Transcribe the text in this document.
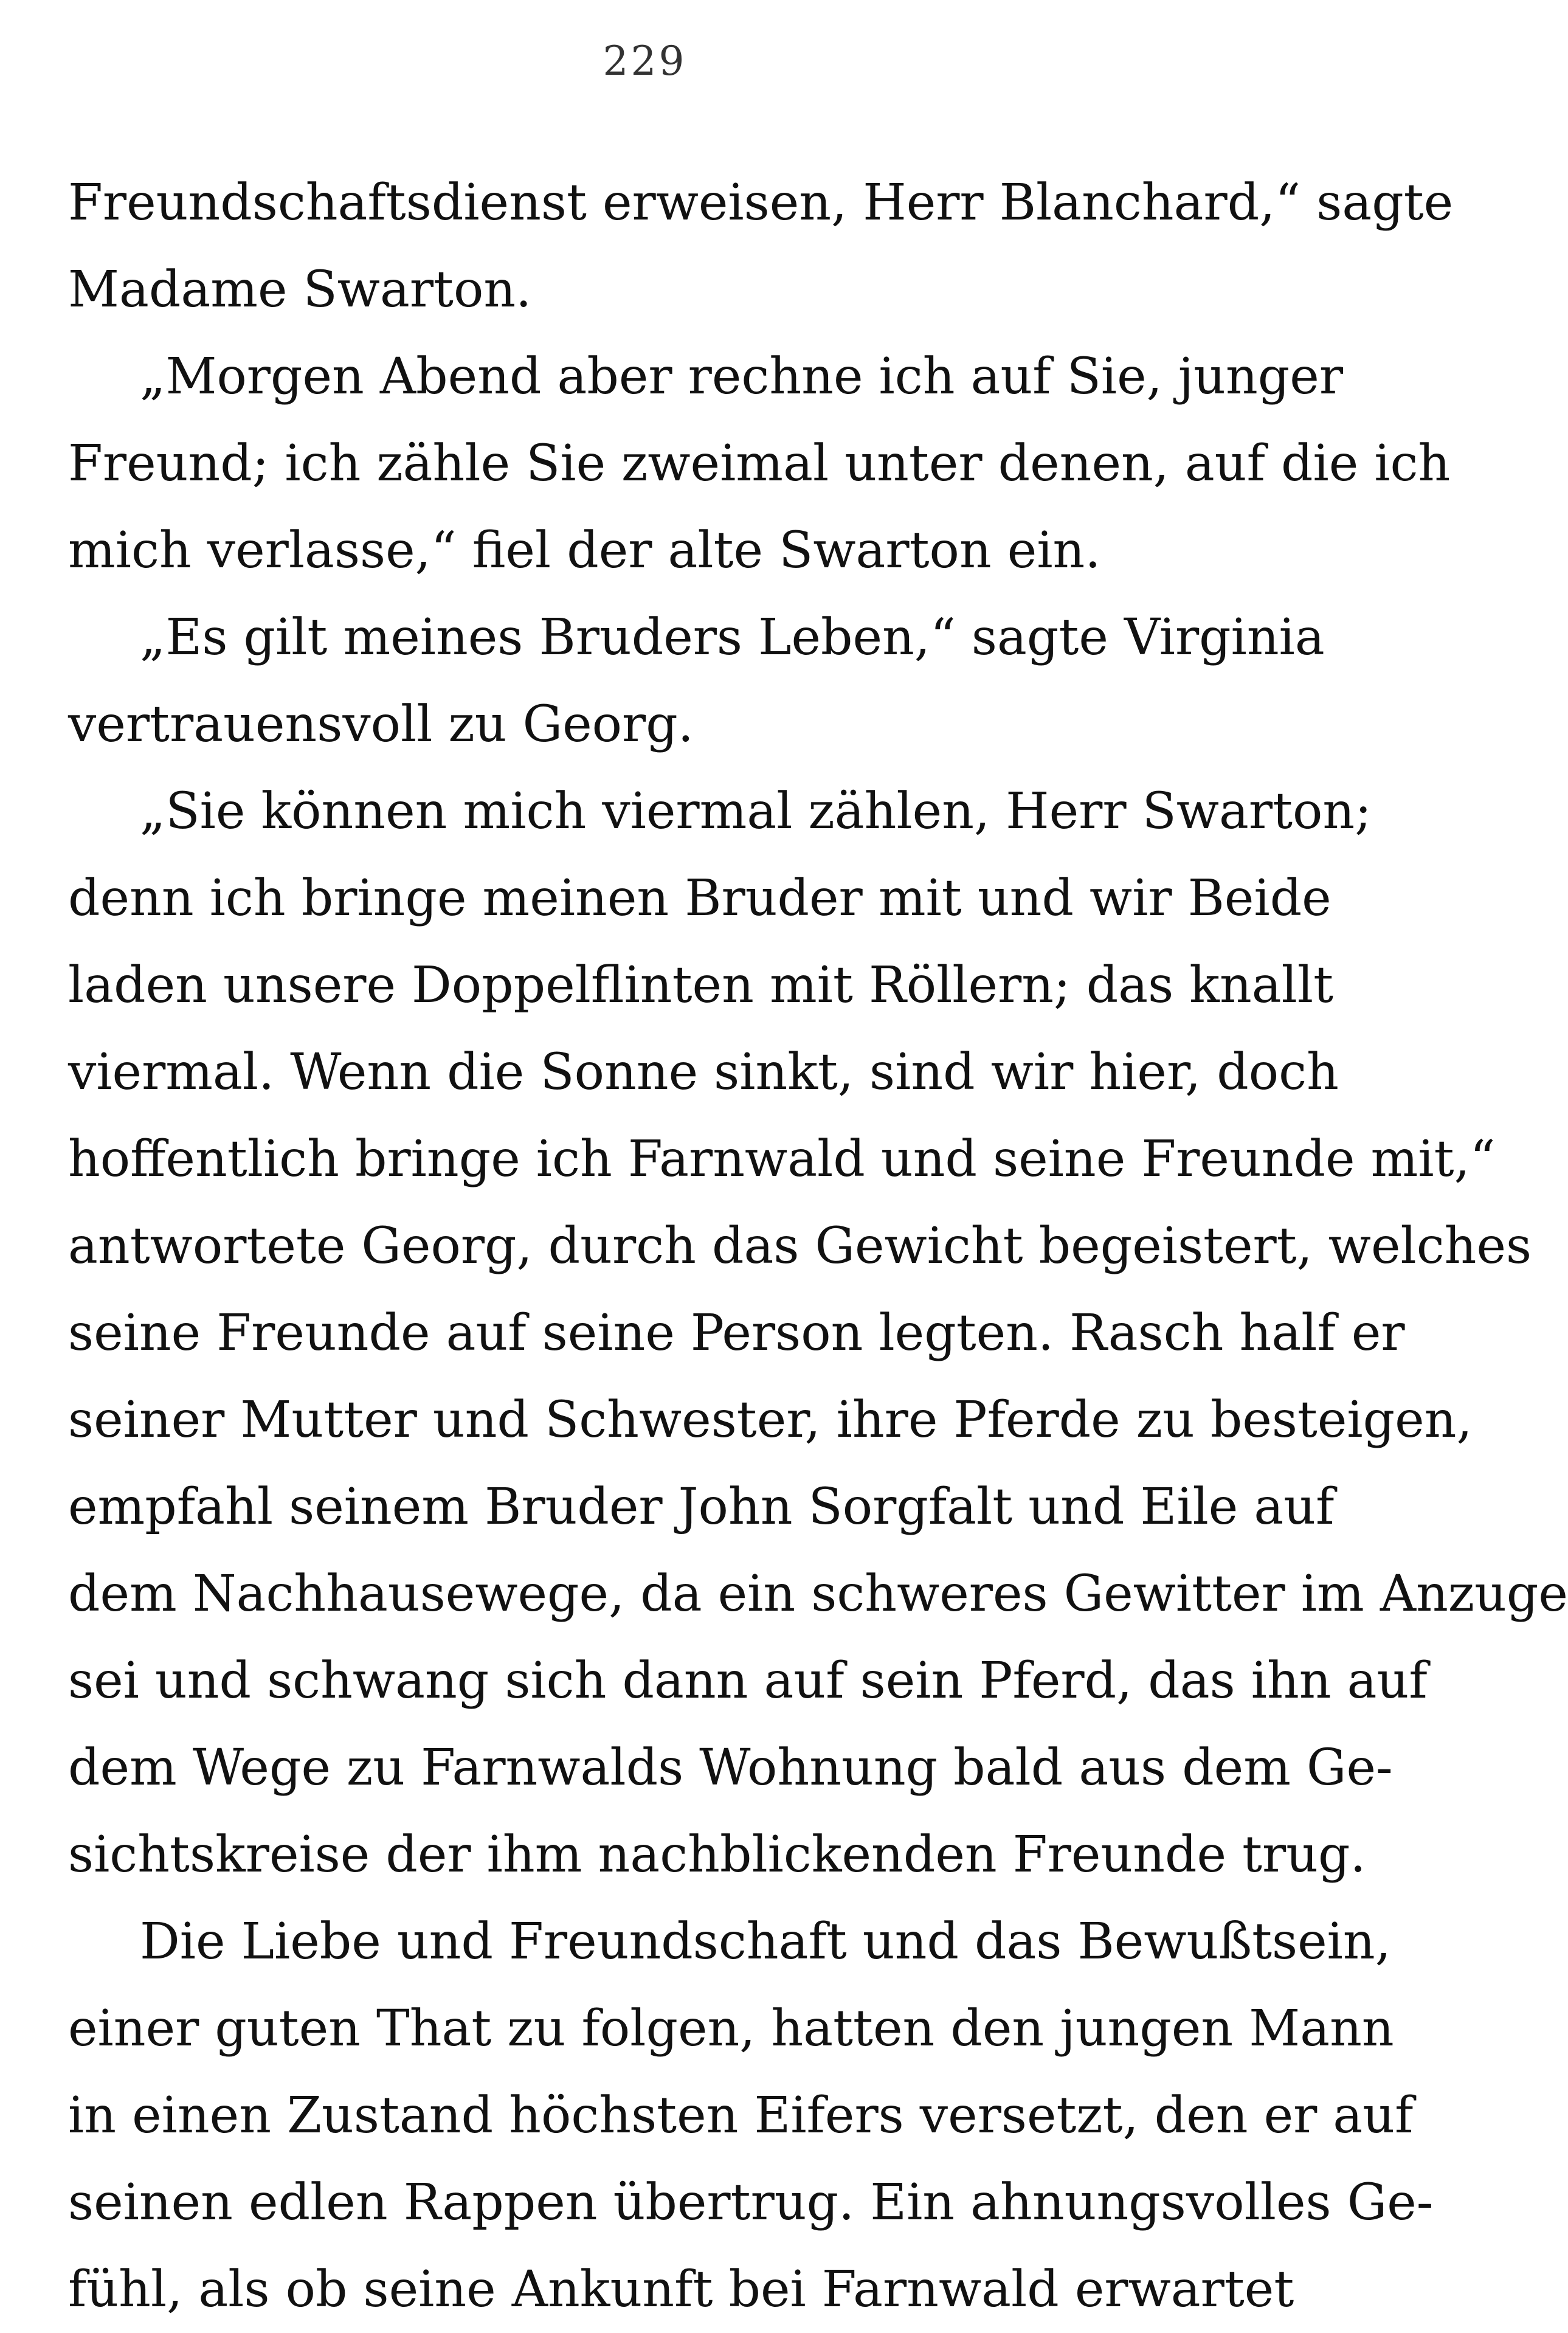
229
Freundschaftsdienst erweisen, Herr Blanchard,“ sagte
Madame Swarton.
„Morgen Abend aber rechne ich auf Sie, junger
Freund; ich zähle Sie zweimal unter denen, auf die ich
mich verlasse,“ fiel der alte Swarton ein.
„Es gilt meines Bruders Leben,“ sagte Virginia
vertrauensvoll zu Georg.
„Sie können mich viermal zählen, Herr Swarton;
denn ich bringe meinen Bruder mit und wir Beide
laden unsere Doppelflinten mit Röllern; das knallt
viermal. Wenn die Sonne sinkt, sind wir hier, doch
hoffentlich bringe ich Farnwald und seine Freunde mit,“
antwortete Georg, durch das Gewicht begeistert, welches
seine Freunde auf seine Person legten. Rasch half er
seiner Mutter und Schwester, ihre Pferde zu besteigen,
empfahl seinem Bruder John Sorgfalt und Eile auf
dem Nachhausewege, da ein schweres Gewitter im Anzuge
sei und schwang sich dann auf sein Pferd, das ihn auf
dem Wege zu Farnwalds Wohnung bald aus dem Ge-
sichtskreise der ihm nachblickenden Freunde trug.
Die Liebe und Freundschaft und das Bewußtsein,
einer guten That zu folgen, hatten den jungen Mann
in einen Zustand höchsten Eifers versetzt, den er auf
seinen edlen Rappen übertrug. Ein ahnungsvolles Ge-
fühl, als ob seine Ankunft bei Farnwald erwartet
